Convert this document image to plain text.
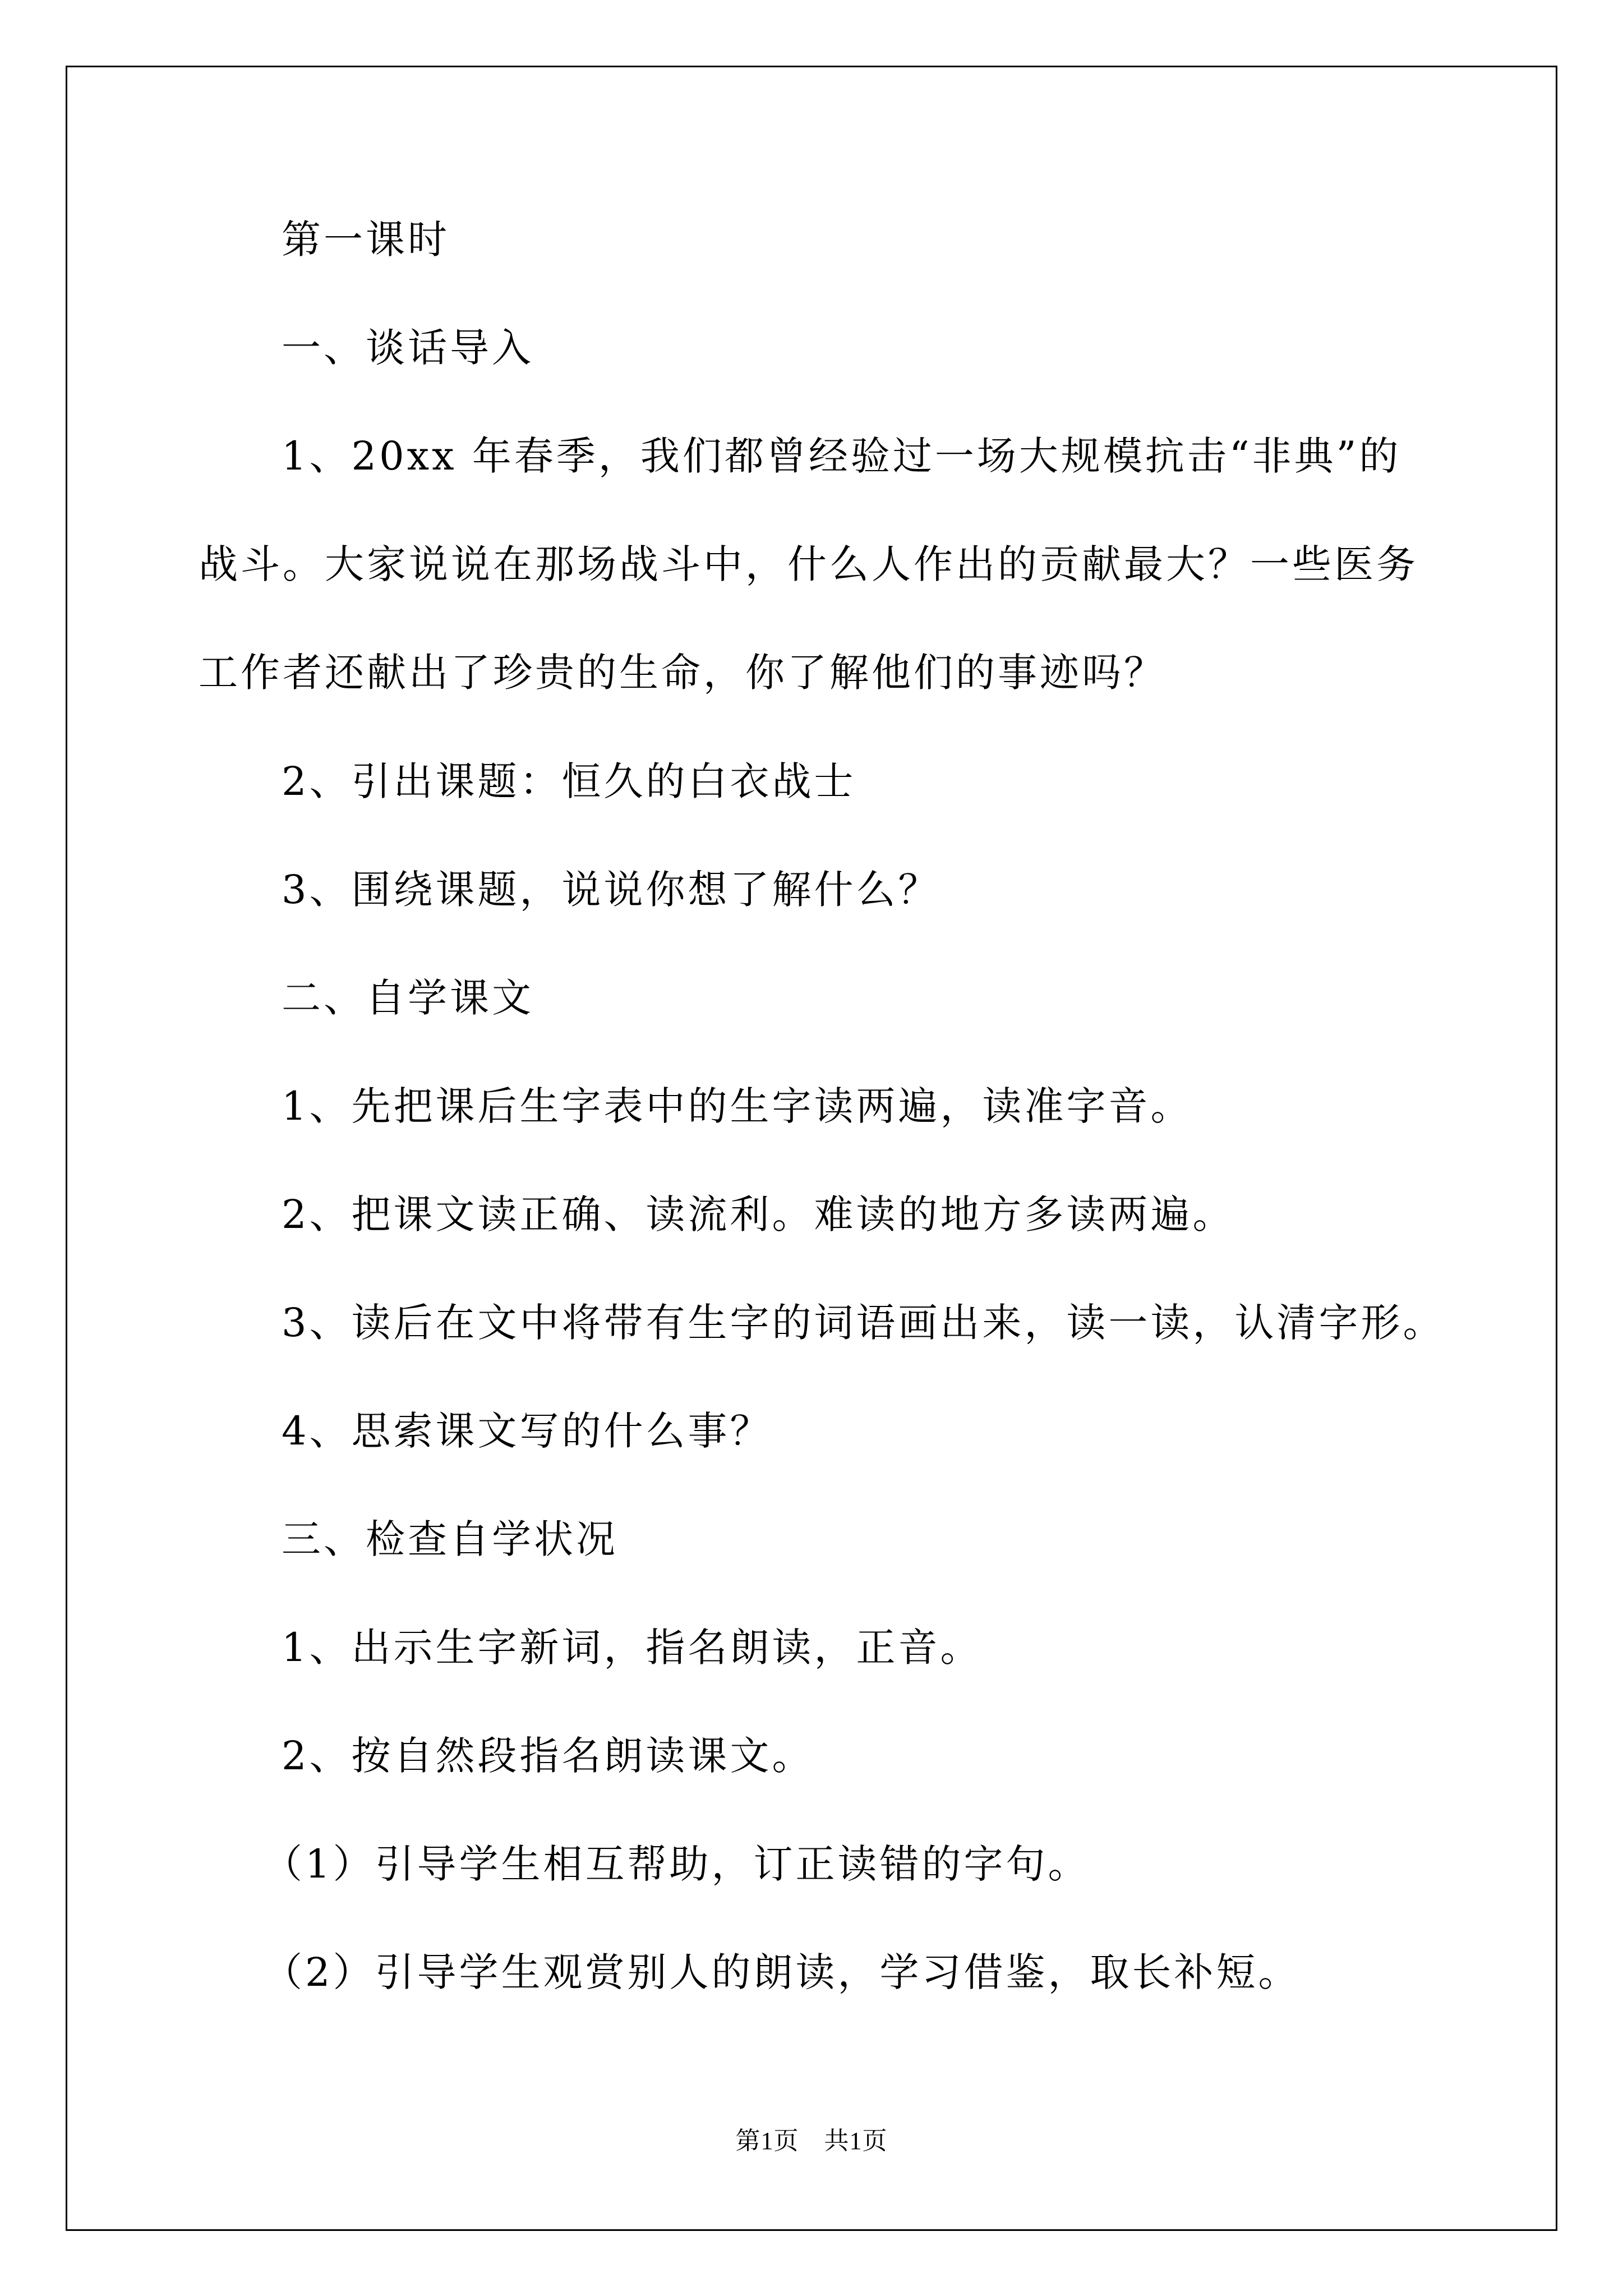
第一课时

一、谈话导入

1、20xx 年春季，我们都曾经验过一场大规模抗击“非典”的战斗。大家说说在那场战斗中，什么人作出的贡献最大？一些医务工作者还献出了珍贵的生命，你了解他们的事迹吗？

2、引出课题：恒久的白衣战士

3、围绕课题，说说你想了解什么？

二、自学课文

1、先把课后生字表中的生字读两遍，读准字音。

2、把课文读正确、读流利。难读的地方多读两遍。

3、读后在文中将带有生字的词语画出来，读一读，认清字形。

4、思索课文写的什么事？

三、检查自学状况

1、出示生字新词，指名朗读，正音。

2、按自然段指名朗读课文。

（1）引导学生相互帮助，订正读错的字句。

（2）引导学生观赏别人的朗读，学习借鉴，取长补短。

第1页　共1页
